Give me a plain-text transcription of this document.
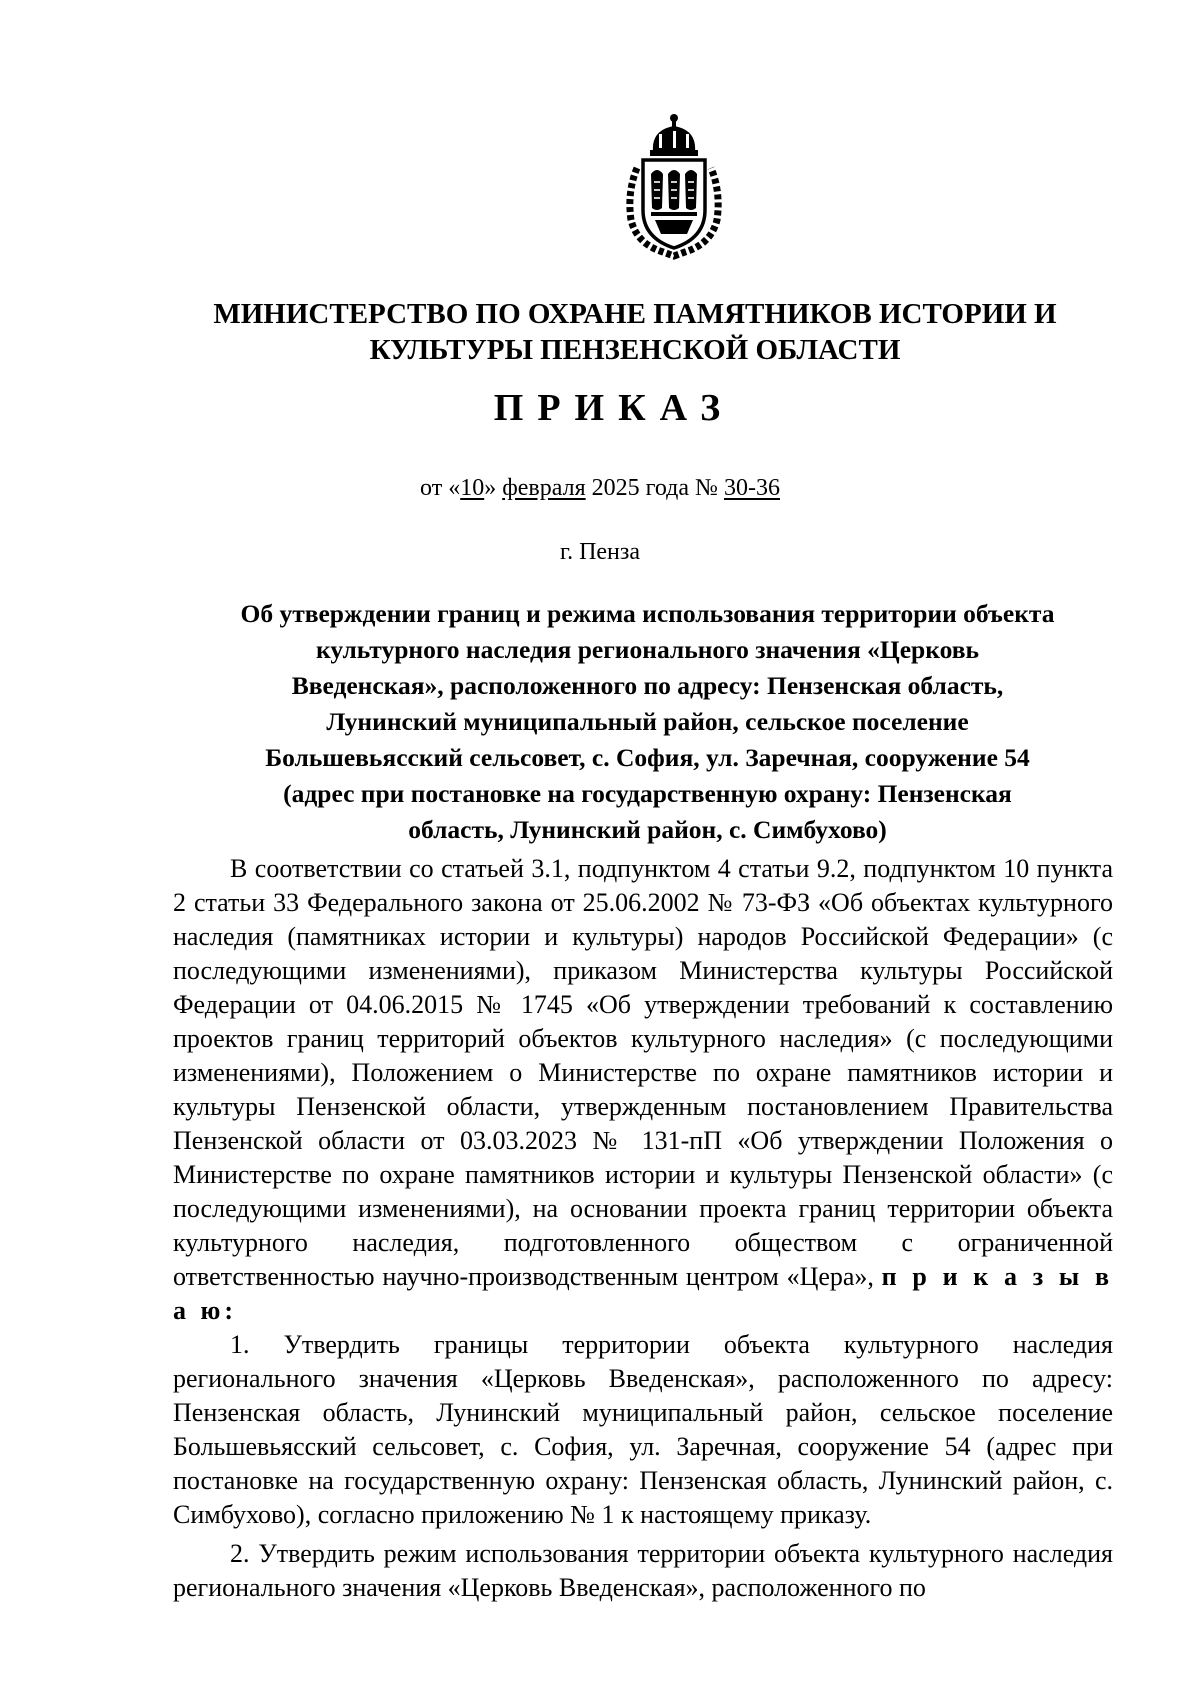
МИНИСТЕРСТВО ПО ОХРАНЕ ПАМЯТНИКОВ ИСТОРИИ И
КУЛЬТУРЫ ПЕНЗЕНСКОЙ ОБЛАСТИ
ПРИКАЗ
от «10» февраля 2025 года № 30-36
г. Пенза
Об утверждении границ и режима использования территории объекта
культурного наследия регионального значения «Церковь
Введенская», расположенного по адресу: Пензенская область,
Лунинский муниципальный район, сельское поселение
Большевьясский сельсовет, с. София, ул. Заречная, сооружение 54
(адрес при постановке на государственную охрану: Пензенская
область, Лунинский район, с. Симбухово)

В соответствии со статьей 3.1, подпунктом 4 статьи 9.2, подпунктом 10 пункта 2 статьи 33 Федерального закона от 25.06.2002 № 73-ФЗ «Об объектах культурного наследия (памятниках истории и культуры) народов Российской Федерации» (с последующими изменениями), приказом Министерства культуры Российской Федерации от 04.06.2015 № 1745 «Об утверждении требований к составлению проектов границ территорий объектов культурного наследия» (с последующими изменениями), Положением о Министерстве по охране памятников истории и культуры Пензенской области, утвержденным постановлением Правительства Пензенской области от 03.03.2023 № 131-пП «Об утверждении Положения о Министерстве по охране памятников истории и культуры Пензенской области» (с последующими изменениями), на основании проекта границ территории объекта культурного наследия, подготовленного обществом с ограниченной ответственностью научно-производственным центром «Цера», п р и к а з ы в а ю:

1. Утвердить границы территории объекта культурного наследия регионального значения «Церковь Введенская», расположенного по адресу: Пензенская область, Лунинский муниципальный район, сельское поселение Большевьясский сельсовет, с. София, ул. Заречная, сооружение 54 (адрес при постановке на государственную охрану: Пензенская область, Лунинский район, с. Симбухово), согласно приложению № 1 к настоящему приказу.

2. Утвердить режим использования территории объекта культурного наследия регионального значения «Церковь Введенская», расположенного по
